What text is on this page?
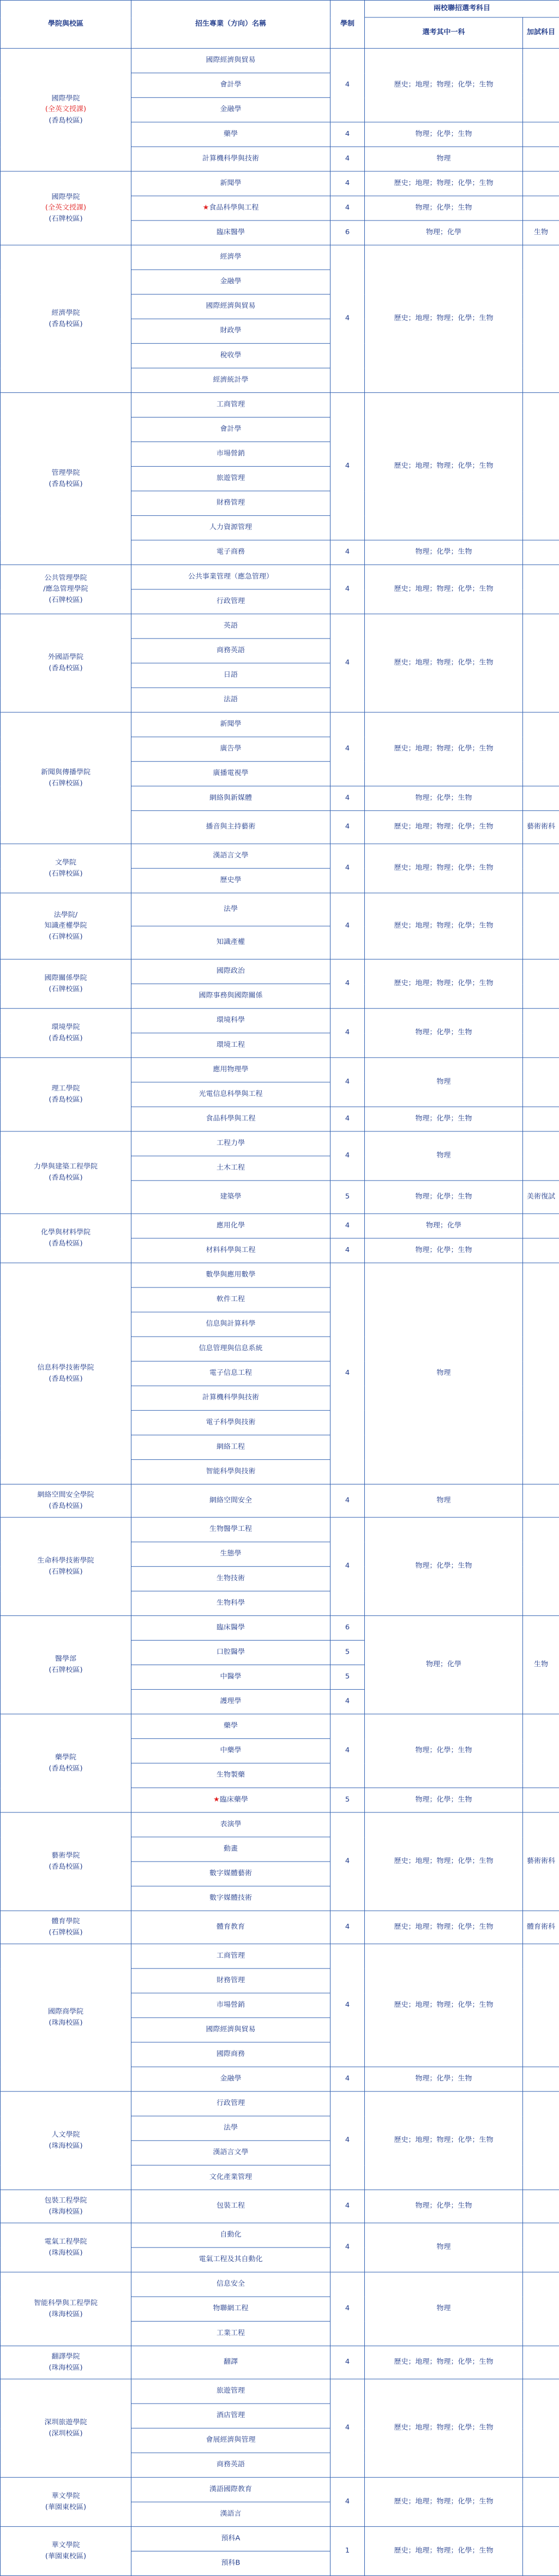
學院與校區	招生專業（方向）名稱	學制	兩校聯招選考科目	
			選考其中一科	加試科目

國際學院
(全英文授課)
(香島校區)	國際經濟與貿易	4	歷史；地理；物理；化學；生物	
	會計學			
	金融學			
	藥學	4	物理；化學；生物	
	計算機科學與技術	4	物理	

國際學院
(全英文授課)
(石牌校區)	新聞學	4	歷史；地理；物理；化學；生物	
	★食品科學與工程	4	物理；化學；生物	
	臨床醫學	6	物理；化學	生物

經濟學院
(香島校區)	經濟學	4	歷史；地理；物理；化學；生物	
	金融學			
	國際經濟與貿易			
	財政學			
	稅收學			
	經濟統計學			

管理學院
(香島校區)	工商管理	4	歷史；地理；物理；化學；生物	
	會計學			
	市場營銷			
	旅遊管理			
	財務管理			
	人力資源管理			
	電子商務	4	物理；化學；生物	

公共管理學院
/應急管理學院
(石牌校區)	公共事業管理（應急管理）	4	歷史；地理；物理；化學；生物	
	行政管理			

外國語學院
(香島校區)	英語	4	歷史；地理；物理；化學；生物	
	商務英語			
	日語			
	法語			

新聞與傳播學院
(石牌校區)	新聞學	4	歷史；地理；物理；化學；生物	
	廣告學			
	廣播電視學			
	網絡與新媒體	4	物理；化學；生物	
	播音與主持藝術	4	歷史；地理；物理；化學；生物	藝術術科

文學院
(石牌校區)	漢語言文學	4	歷史；地理；物理；化學；生物	
	歷史學			

法學院/
知識產權學院
(石牌校區)	法學	4	歷史；地理；物理；化學；生物	
	知識產權			

國際關係學院
(石牌校區)	國際政治	4	歷史；地理；物理；化學；生物	
	國際事務與國際關係			

環境學院
(香島校區)	環境科學	4	物理；化學；生物	
	環境工程			

理工學院
(香島校區)	應用物理學	4	物理	
	光電信息科學與工程			
	食品科學與工程	4	物理；化學；生物	

力學與建築工程學院
(香島校區)	工程力學	4	物理	
	土木工程			
	建築學	5	物理；化學；生物	美術復試

化學與材料學院
(香島校區)	應用化學	4	物理；化學	
	材料科學與工程	4	物理；化學；生物	

信息科學技術學院
(香島校區)	數學與應用數學	4	物理	
	軟件工程			
	信息與計算科學			
	信息管理與信息系統			
	電子信息工程			
	計算機科學與技術			
	電子科學與技術			
	網絡工程			
	智能科學與技術			

網絡空間安全學院
(香島校區)	網絡空間安全	4	物理	

生命科學技術學院
(石牌校區)	生物醫學工程	4	物理；化學；生物	
	生態學			
	生物技術			
	生物科學			

醫學部
(石牌校區)	臨床醫學	6	物理；化學	生物
	口腔醫學	5		
	中醫學	5		
	護理學	4		

藥學院
(香島校區)	藥學	4	物理；化學；生物	
	中藥學			
	生物製藥			
	★臨床藥學	5	物理；化學；生物	

藝術學院
(香島校區)	表演學	4	歷史；地理；物理；化學；生物	藝術術科
	動畫			
	數字媒體藝術			
	數字媒體技術			

體育學院
(石牌校區)	體育教育	4	歷史；地理；物理；化學；生物	體育術科

國際商學院
(珠海校區)	工商管理	4	歷史；地理；物理；化學；生物	
	財務管理			
	市場營銷			
	國際經濟與貿易			
	國際商務			
	金融學	4	物理；化學；生物	

人文學院
(珠海校區)	行政管理	4	歷史；地理；物理；化學；生物	
	法學			
	漢語言文學			
	文化產業管理			

包裝工程學院
(珠海校區)	包裝工程	4	物理；化學；生物	

電氣工程學院
(珠海校區)	自動化	4	物理	
	電氣工程及其自動化			

智能科學與工程學院
(珠海校區)	信息安全	4	物理	
	物聯網工程			
	工業工程			

翻譯學院
(珠海校區)	翻譯	4	歷史；地理；物理；化學；生物	

深圳旅遊學院
(深圳校區)	旅遊管理	4	歷史；地理；物理；化學；生物	
	酒店管理			
	會展經濟與管理			
	商務英語			

華文學院
(華園東校區)	漢語國際教育	4	歷史；地理；物理；化學；生物	
	漢語言			

華文學院
(華園東校區)	預科A	1	歷史；地理；物理；化學；生物	
	預科B			
